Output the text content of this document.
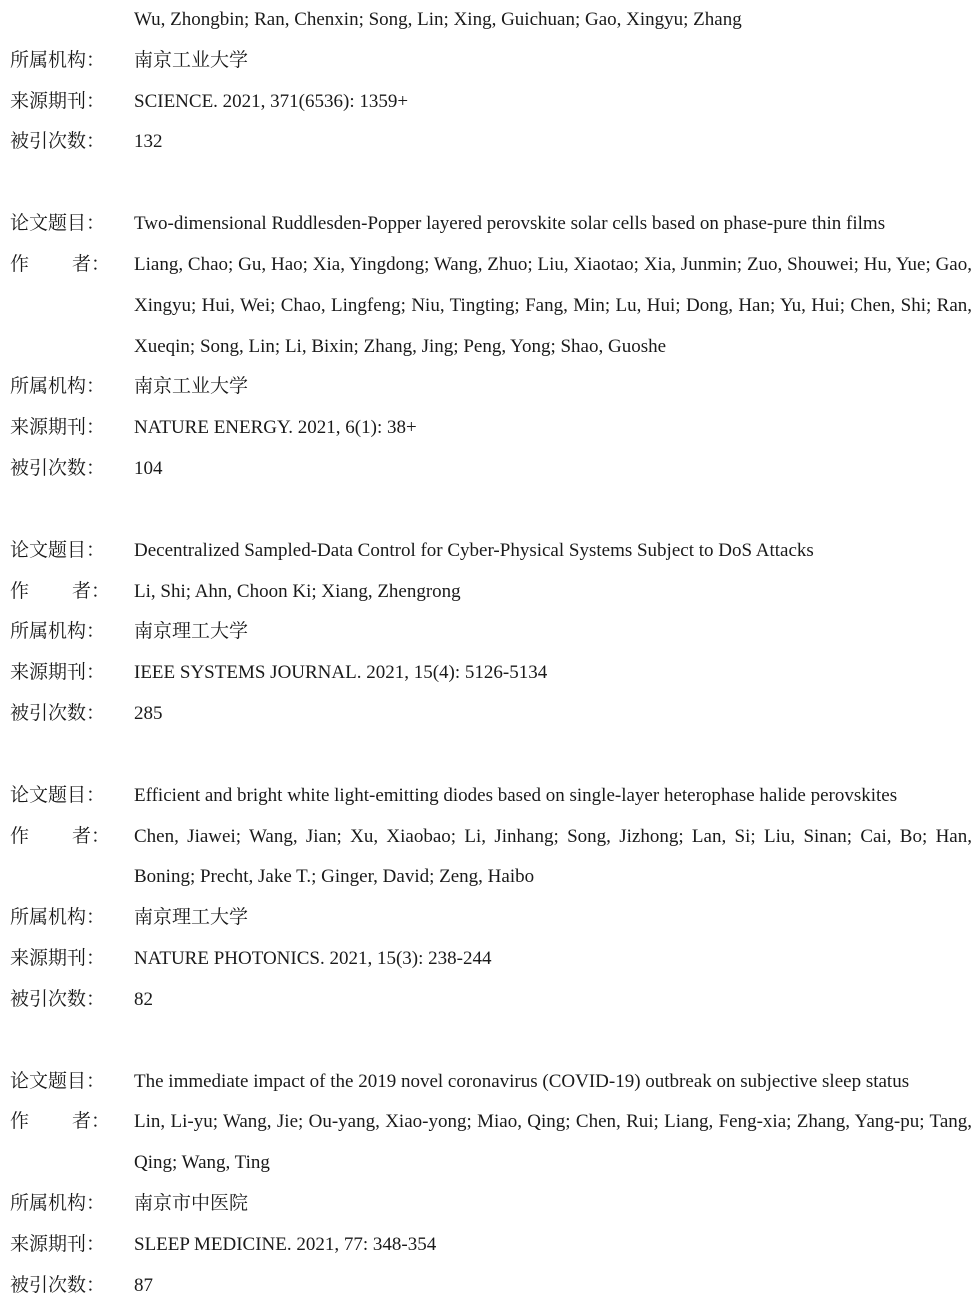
Wu, Zhongbin; Ran, Chenxin; Song, Lin; Xing, Guichuan; Gao, Xingyu; Zhang
所属机构：	南京工业大学
来源期刊：	SCIENCE. 2021, 371(6536): 1359+
被引次数：	132
论文题目：	Two-dimensional Ruddlesden-Popper layered perovskite solar cells based on phase-pure thin films
作 者：	Liang, Chao; Gu, Hao; Xia, Yingdong; Wang, Zhuo; Liu, Xiaotao; Xia, Junmin; Zuo, Shouwei; Hu, Yue; Gao, Xingyu; Hui, Wei; Chao, Lingfeng; Niu, Tingting; Fang, Min; Lu, Hui; Dong, Han; Yu, Hui; Chen, Shi; Ran, Xueqin; Song, Lin; Li, Bixin; Zhang, Jing; Peng, Yong; Shao, Guoshe
所属机构：	南京工业大学
来源期刊：	NATURE ENERGY. 2021, 6(1): 38+
被引次数：	104
论文题目：	Decentralized Sampled-Data Control for Cyber-Physical Systems Subject to DoS Attacks
作 者：	Li, Shi; Ahn, Choon Ki; Xiang, Zhengrong
所属机构：	南京理工大学
来源期刊：	IEEE SYSTEMS JOURNAL. 2021, 15(4): 5126-5134
被引次数：	285
论文题目：	Efficient and bright white light-emitting diodes based on single-layer heterophase halide perovskites
作 者：	Chen, Jiawei; Wang, Jian; Xu, Xiaobao; Li, Jinhang; Song, Jizhong; Lan, Si; Liu, Sinan; Cai, Bo; Han, Boning; Precht, Jake T.; Ginger, David; Zeng, Haibo
所属机构：	南京理工大学
来源期刊：	NATURE PHOTONICS. 2021, 15(3): 238-244
被引次数：	82
论文题目：	The immediate impact of the 2019 novel coronavirus (COVID-19) outbreak on subjective sleep status
作 者：	Lin, Li-yu; Wang, Jie; Ou-yang, Xiao-yong; Miao, Qing; Chen, Rui; Liang, Feng-xia; Zhang, Yang-pu; Tang, Qing; Wang, Ting
所属机构：	南京市中医院
来源期刊：	SLEEP MEDICINE. 2021, 77: 348-354
被引次数：	87
